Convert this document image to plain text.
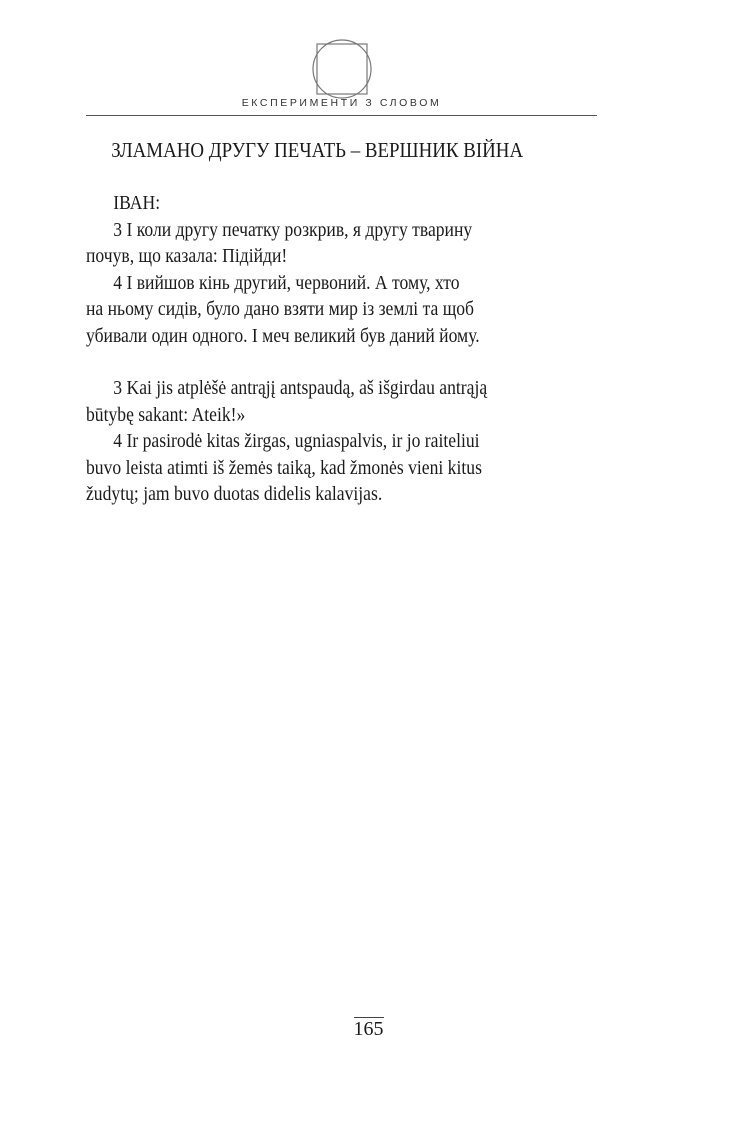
ЕКСПЕРИМЕНТИ З СЛОВОМ
ЗЛАМАНО ДРУГУ ПЕЧАТЬ – ВЕРШНИК ВІЙНА
ІВАН:
3 І коли другу печатку розкрив, я другу тварину
почув, що казала: Підійди!
4 І вийшов кінь другий, червоний. А тому, хто
на ньому сидів, було дано взяти мир із землі та щоб
убивали один одного. І меч великий був даний йому.
3 Kai jis atplėšė antrąjį antspaudą, aš išgirdau antrąją
būtybę sakant: Ateik!»
4 Ir pasirodė kitas žirgas, ugniaspalvis, ir jo raiteliui
buvo leista atimti iš žemės taiką, kad žmonės vieni kitus
žudytų; jam buvo duotas didelis kalavijas.
165
